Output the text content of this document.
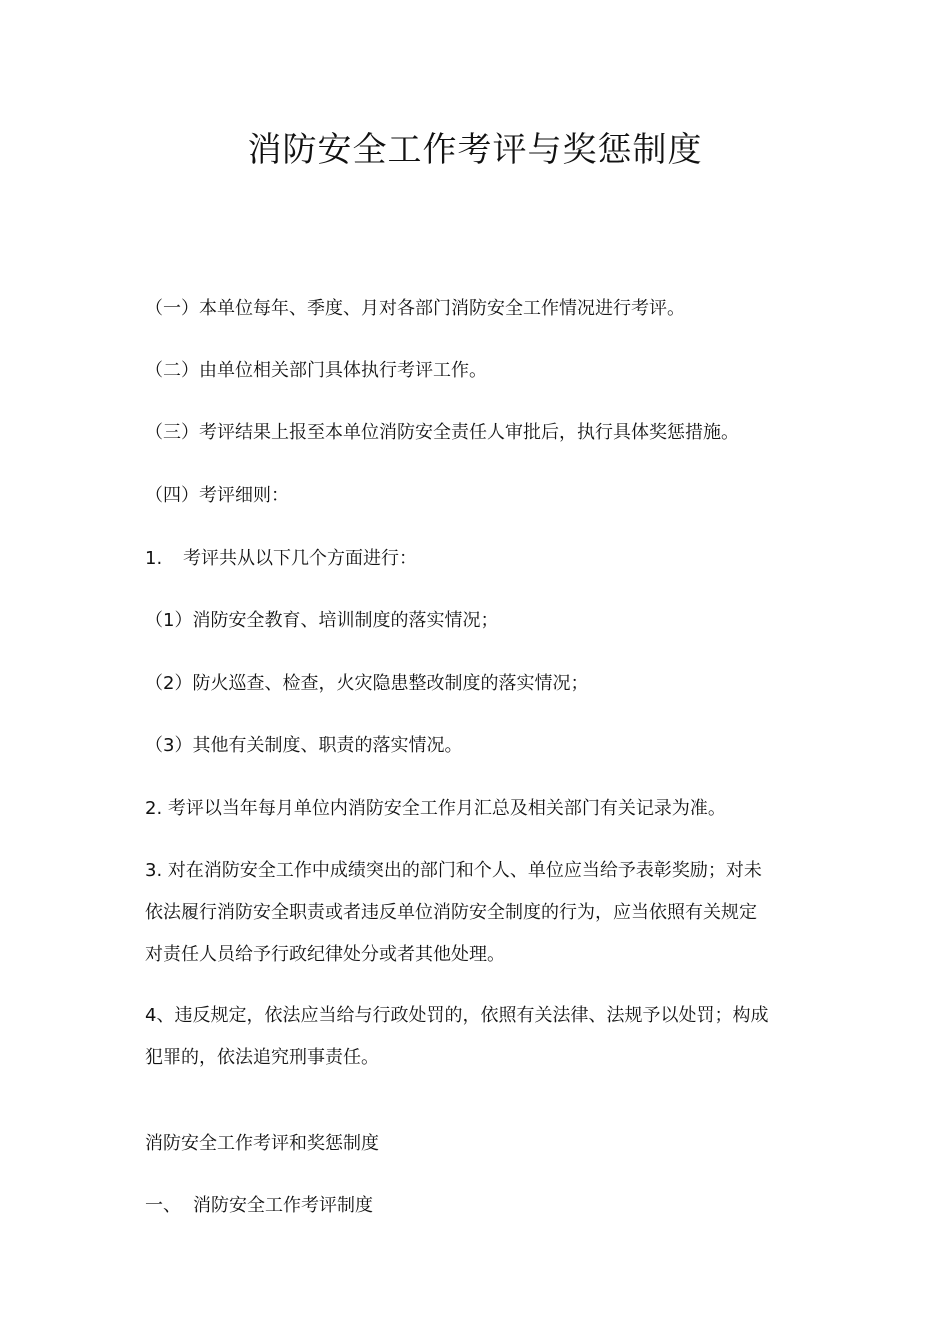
消防安全工作考评与奖惩制度
（一）本单位每年、季度、月对各部门消防安全工作情况进行考评。
（二）由单位相关部门具体执行考评工作。
（三）考评结果上报至本单位消防安全责任人审批后，执行具体奖惩措施。
（四）考评细则：
1. 考评共从以下几个方面进行：
（1）消防安全教育、培训制度的落实情况；
（2）防火巡查、检查，火灾隐患整改制度的落实情况；
（3）其他有关制度、职责的落实情况。
2. 考评以当年每月单位内消防安全工作月汇总及相关部门有关记录为准。
3. 对在消防安全工作中成绩突出的部门和个人、单位应当给予表彰奖励；对未
依法履行消防安全职责或者违反单位消防安全制度的行为，应当依照有关规定
对责任人员给予行政纪律处分或者其他处理。
4、违反规定，依法应当给与行政处罚的，依照有关法律、法规予以处罚；构成
犯罪的，依法追究刑事责任。
消防安全工作考评和奖惩制度
一、 消防安全工作考评制度
